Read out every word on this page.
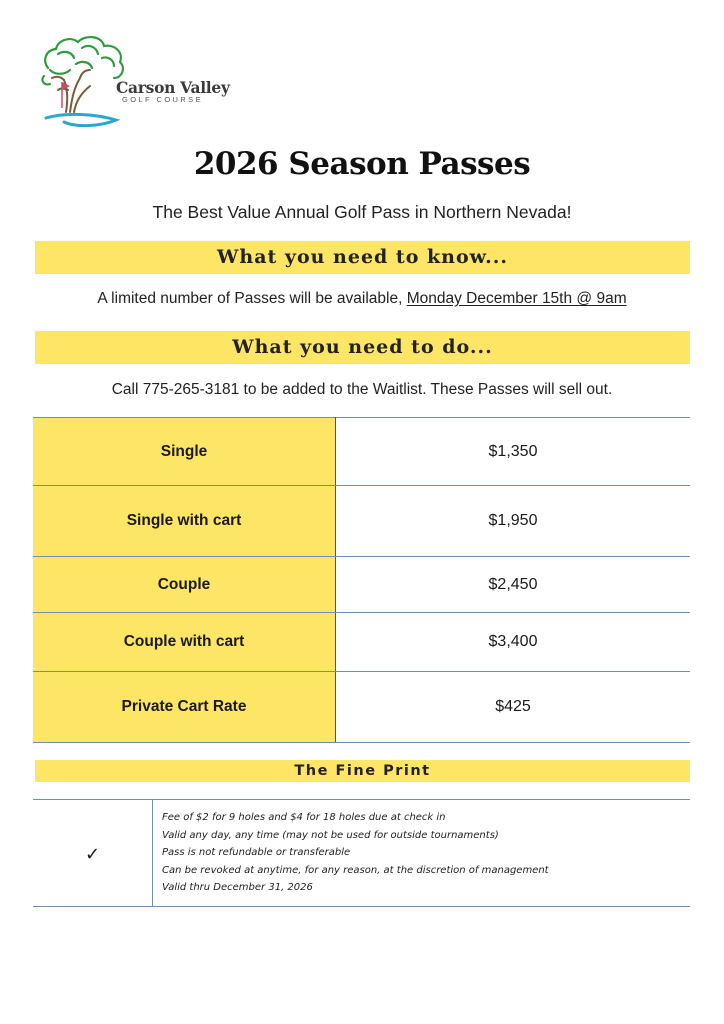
Carson Valley
GOLF COURSE
2026 Season Passes
The Best Value Annual Golf Pass in Northern Nevada!
What you need to know...
A limited number of Passes will be available, Monday December 15th @ 9am
What you need to do...
Call 775-265-3181 to be added to the Waitlist. These Passes will sell out.
Single	$1,350
Single with cart	$1,950
Couple	$2,450
Couple with cart	$3,400
Private Cart Rate	$425
The Fine Print
✓	
Fee of $2 for 9 holes and $4 for 18 holes due at check in
Valid any day, any time (may not be used for outside tournaments)
Pass is not refundable or transferable
Can be revoked at anytime, for any reason, at the discretion of management
Valid thru December 31, 2026
